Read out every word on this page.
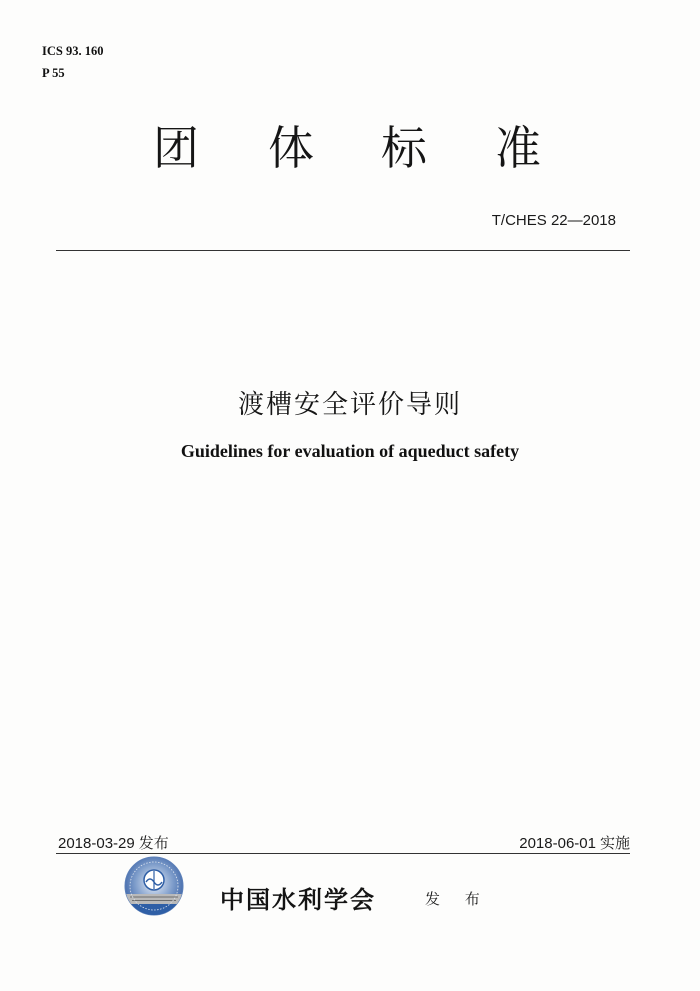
ICS 93. 160
P 55
团 体 标 准
T/CHES 22—2018
渡槽安全评价导则
Guidelines for evaluation of aqueduct safety
2018-03-29 发布	2018-06-01 实施
中国水利学会	发 布
